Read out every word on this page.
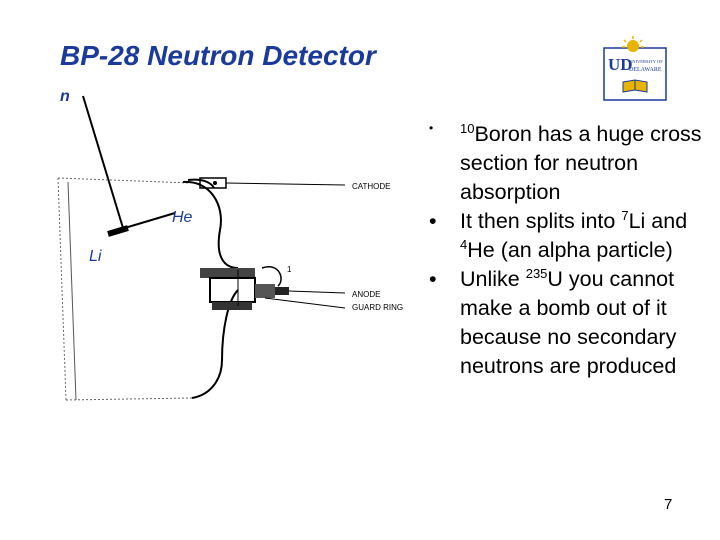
BP-28 Neutron Detector
CATHODE
ANODE
GUARD RING
1
n
He
Li
UD
UNIVERSITY OF
DELAWARE
• $^{10}$Boron has a huge cross section for neutron absorption
• It then splits into $^7$Li and $^4$He (an alpha particle)
• Unlike $^{235}$U you cannot make a bomb out of it because no secondary neutrons are produced
7
